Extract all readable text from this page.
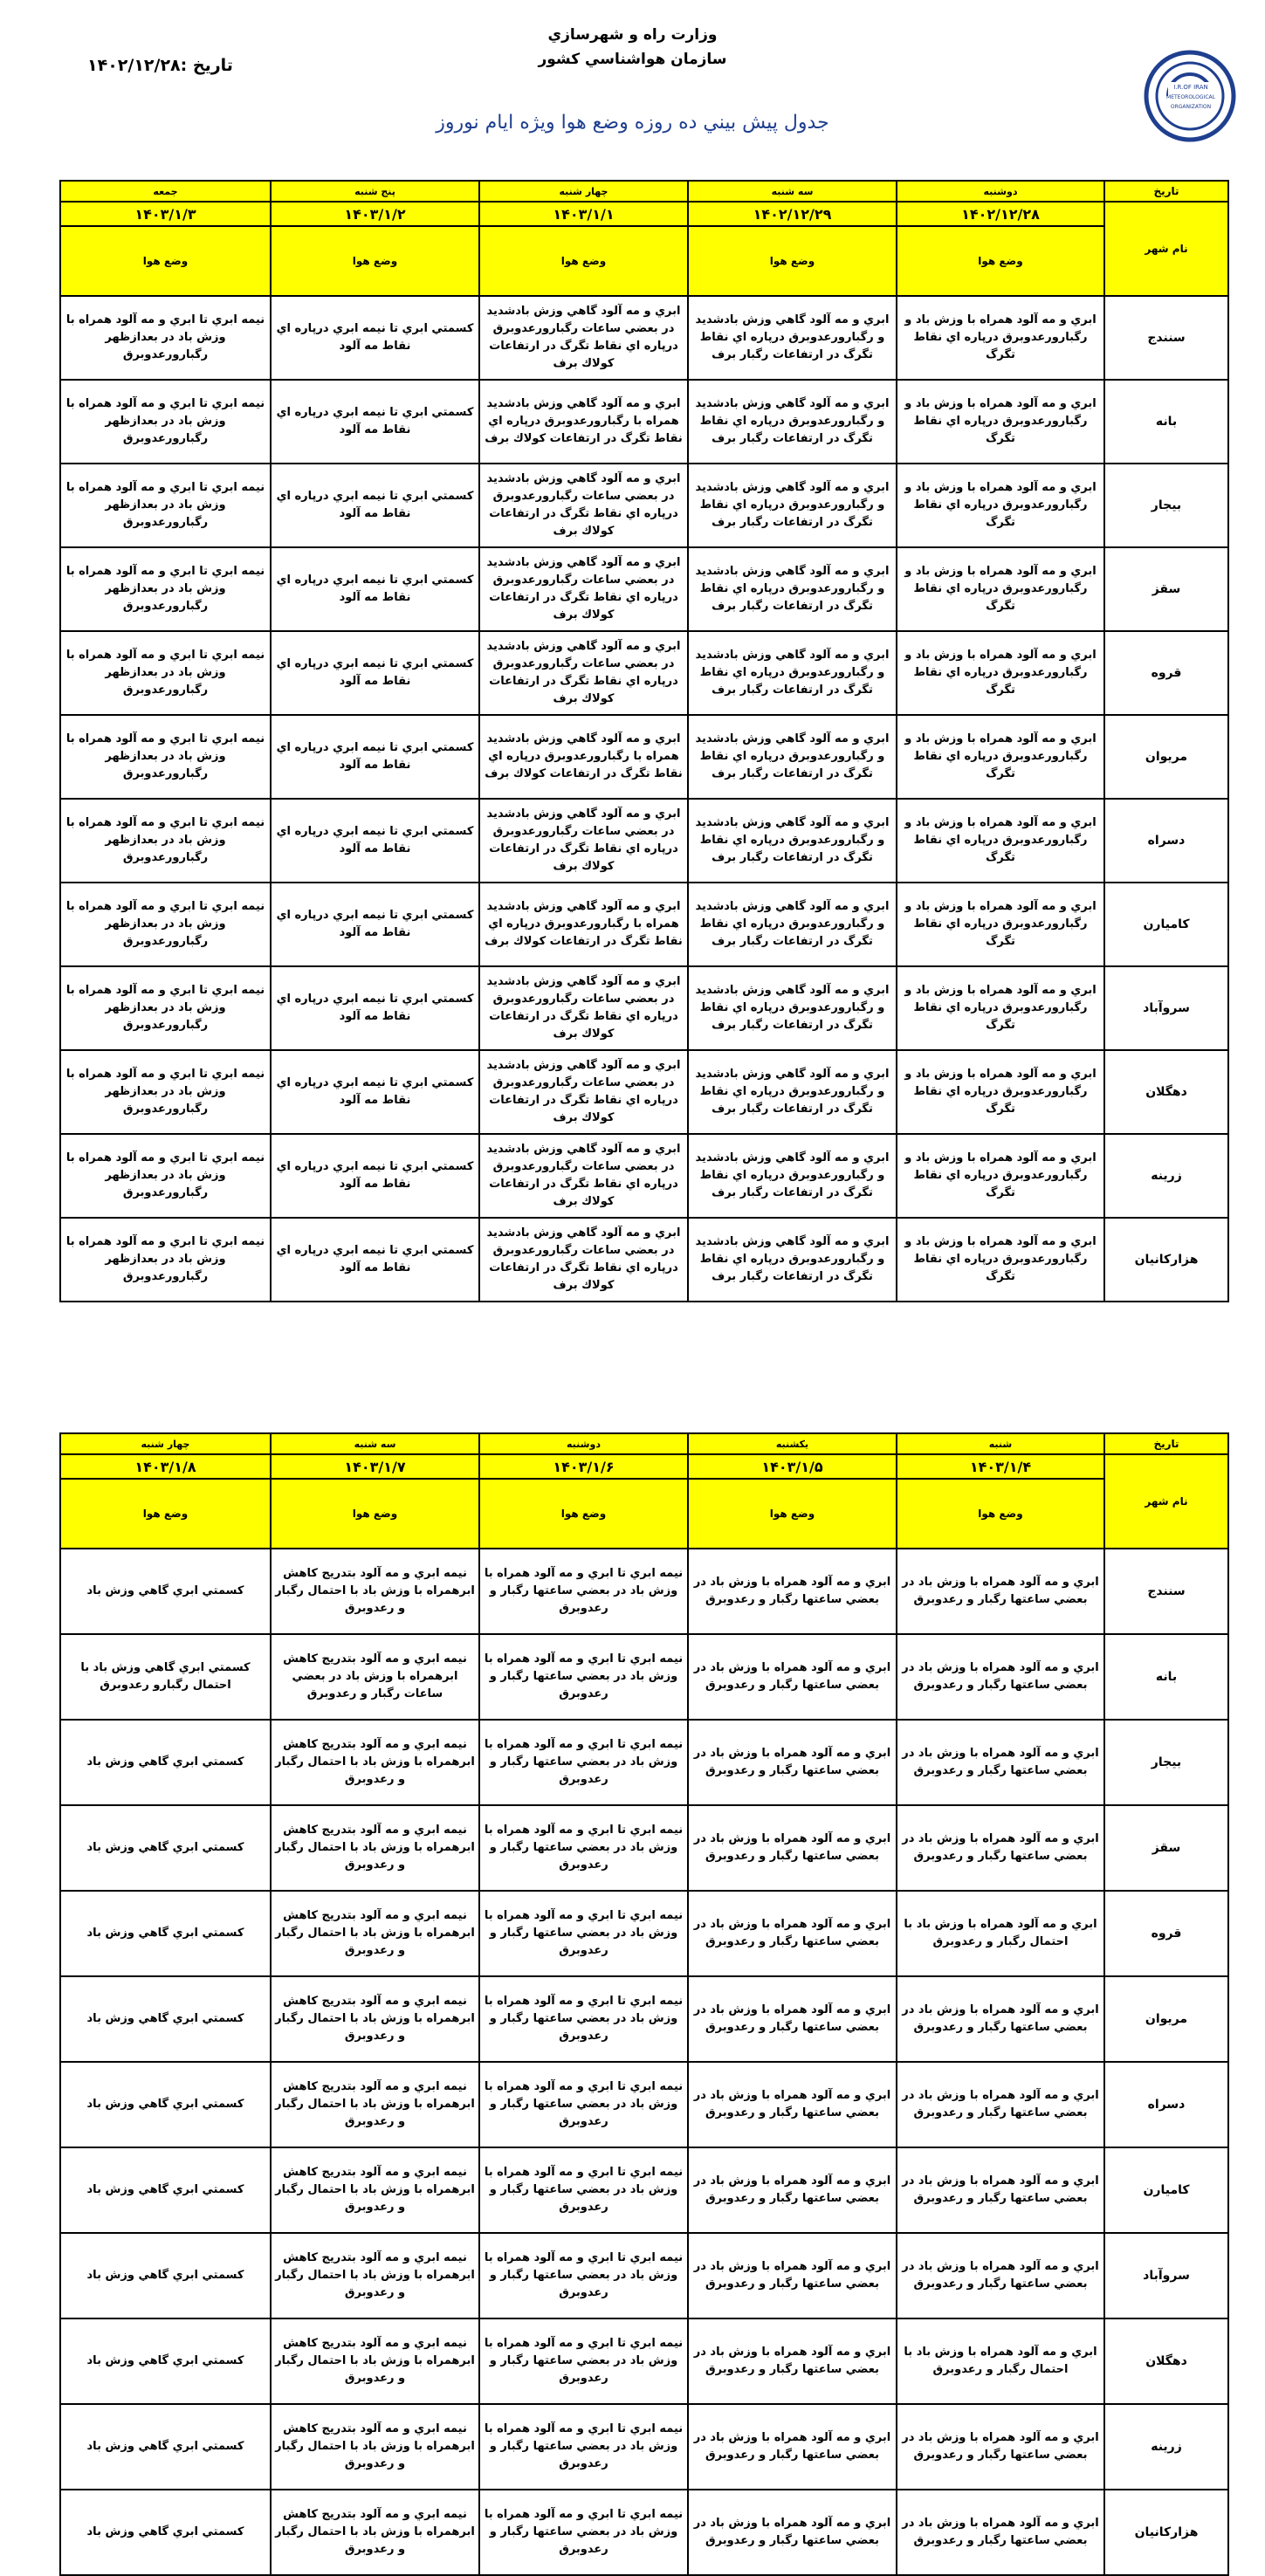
وزارت راه و شهرسازي
سازمان هواشناسي كشور
جدول پيش بيني ده روزه وضع هوا ويژه ايام نوروز
تاريخ :۱۴۰۲/۱۲/۲۸
I.R.OF IRAN
METEOROLOGICAL
ORGANIZATION
تاريخ	دوشنبه	سه شنبه	چهار شنبه	پنج شنبه	جمعه
نام شهر	۱۴۰۲/۱۲/۲۸	۱۴۰۲/۱۲/۲۹	۱۴۰۳/۱/۱	۱۴۰۳/۱/۲	۱۴۰۳/۱/۳
	وضع هوا	وضع هوا	وضع هوا	وضع هوا	وضع هوا
سنندج	ابري و مه آلود همراه با وزش باد و رگبارورعدوبرق درپاره اي نقاط تگرگ	ابري و مه آلود گاهي وزش بادشديد و رگبارورعدوبرق درپاره اي نقاط تگرگ در ارتفاعات رگبار برف	ابري و مه آلود گاهي وزش بادشديد در بعضي ساعات رگبارورعدوبرق درپاره اي نقاط تگرگ در ارتفاعات كولاك برف	كسمتي ابري تا نيمه ابري درپاره اي نقاط مه آلود	نيمه ابري تا ابري و مه آلود همراه با وزش باد در بعدازظهر رگبارورعدوبرق
بانه	ابري و مه آلود همراه با وزش باد و رگبارورعدوبرق درپاره اي نقاط تگرگ	ابري و مه آلود گاهي وزش بادشديد و رگبارورعدوبرق درپاره اي نقاط تگرگ در ارتفاعات رگبار برف	ابري و مه آلود گاهي وزش بادشديد همراه با رگبارورعدوبرق درپاره اي نقاط تگرگ در ارتفاعات كولاك برف	كسمتي ابري تا نيمه ابري درپاره اي نقاط مه آلود	نيمه ابري تا ابري و مه آلود همراه با وزش باد در بعدازظهر رگبارورعدوبرق
بيجار	ابري و مه آلود همراه با وزش باد و رگبارورعدوبرق درپاره اي نقاط تگرگ	ابري و مه آلود گاهي وزش بادشديد و رگبارورعدوبرق درپاره اي نقاط تگرگ در ارتفاعات رگبار برف	ابري و مه آلود گاهي وزش بادشديد در بعضي ساعات رگبارورعدوبرق درپاره اي نقاط تگرگ در ارتفاعات كولاك برف	كسمتي ابري تا نيمه ابري درپاره اي نقاط مه آلود	نيمه ابري تا ابري و مه آلود همراه با وزش باد در بعدازظهر رگبارورعدوبرق
سقز	ابري و مه آلود همراه با وزش باد و رگبارورعدوبرق درپاره اي نقاط تگرگ	ابري و مه آلود گاهي وزش بادشديد و رگبارورعدوبرق درپاره اي نقاط تگرگ در ارتفاعات رگبار برف	ابري و مه آلود گاهي وزش بادشديد در بعضي ساعات رگبارورعدوبرق درپاره اي نقاط تگرگ در ارتفاعات كولاك برف	كسمتي ابري تا نيمه ابري درپاره اي نقاط مه آلود	نيمه ابري تا ابري و مه آلود همراه با وزش باد در بعدازظهر رگبارورعدوبرق
قروه	ابري و مه آلود همراه با وزش باد و رگبارورعدوبرق درپاره اي نقاط تگرگ	ابري و مه آلود گاهي وزش بادشديد و رگبارورعدوبرق درپاره اي نقاط تگرگ در ارتفاعات رگبار برف	ابري و مه آلود گاهي وزش بادشديد در بعضي ساعات رگبارورعدوبرق درپاره اي نقاط تگرگ در ارتفاعات كولاك برف	كسمتي ابري تا نيمه ابري درپاره اي نقاط مه آلود	نيمه ابري تا ابري و مه آلود همراه با وزش باد در بعدازظهر رگبارورعدوبرق
مريوان	ابري و مه آلود همراه با وزش باد و رگبارورعدوبرق درپاره اي نقاط تگرگ	ابري و مه آلود گاهي وزش بادشديد و رگبارورعدوبرق درپاره اي نقاط تگرگ در ارتفاعات رگبار برف	ابري و مه آلود گاهي وزش بادشديد همراه با رگبارورعدوبرق درپاره اي نقاط تگرگ در ارتفاعات كولاك برف	كسمتي ابري تا نيمه ابري درپاره اي نقاط مه آلود	نيمه ابري تا ابري و مه آلود همراه با وزش باد در بعدازظهر رگبارورعدوبرق
دسراه	ابري و مه آلود همراه با وزش باد و رگبارورعدوبرق درپاره اي نقاط تگرگ	ابري و مه آلود گاهي وزش بادشديد و رگبارورعدوبرق درپاره اي نقاط تگرگ در ارتفاعات رگبار برف	ابري و مه آلود گاهي وزش بادشديد در بعضي ساعات رگبارورعدوبرق درپاره اي نقاط تگرگ در ارتفاعات كولاك برف	كسمتي ابري تا نيمه ابري درپاره اي نقاط مه آلود	نيمه ابري تا ابري و مه آلود همراه با وزش باد در بعدازظهر رگبارورعدوبرق
كاميارن	ابري و مه آلود همراه با وزش باد و رگبارورعدوبرق درپاره اي نقاط تگرگ	ابري و مه آلود گاهي وزش بادشديد و رگبارورعدوبرق درپاره اي نقاط تگرگ در ارتفاعات رگبار برف	ابري و مه آلود گاهي وزش بادشديد همراه با رگبارورعدوبرق درپاره اي نقاط تگرگ در ارتفاعات كولاك برف	كسمتي ابري تا نيمه ابري درپاره اي نقاط مه آلود	نيمه ابري تا ابري و مه آلود همراه با وزش باد در بعدازظهر رگبارورعدوبرق
سروآباد	ابري و مه آلود همراه با وزش باد و رگبارورعدوبرق درپاره اي نقاط تگرگ	ابري و مه آلود گاهي وزش بادشديد و رگبارورعدوبرق درپاره اي نقاط تگرگ در ارتفاعات رگبار برف	ابري و مه آلود گاهي وزش بادشديد در بعضي ساعات رگبارورعدوبرق درپاره اي نقاط تگرگ در ارتفاعات كولاك برف	كسمتي ابري تا نيمه ابري درپاره اي نقاط مه آلود	نيمه ابري تا ابري و مه آلود همراه با وزش باد در بعدازظهر رگبارورعدوبرق
دهگلان	ابري و مه آلود همراه با وزش باد و رگبارورعدوبرق درپاره اي نقاط تگرگ	ابري و مه آلود گاهي وزش بادشديد و رگبارورعدوبرق درپاره اي نقاط تگرگ در ارتفاعات رگبار برف	ابري و مه آلود گاهي وزش بادشديد در بعضي ساعات رگبارورعدوبرق درپاره اي نقاط تگرگ در ارتفاعات كولاك برف	كسمتي ابري تا نيمه ابري درپاره اي نقاط مه آلود	نيمه ابري تا ابري و مه آلود همراه با وزش باد در بعدازظهر رگبارورعدوبرق
زرينه	ابري و مه آلود همراه با وزش باد و رگبارورعدوبرق درپاره اي نقاط تگرگ	ابري و مه آلود گاهي وزش بادشديد و رگبارورعدوبرق درپاره اي نقاط تگرگ در ارتفاعات رگبار برف	ابري و مه آلود گاهي وزش بادشديد در بعضي ساعات رگبارورعدوبرق درپاره اي نقاط تگرگ در ارتفاعات كولاك برف	كسمتي ابري تا نيمه ابري درپاره اي نقاط مه آلود	نيمه ابري تا ابري و مه آلود همراه با وزش باد در بعدازظهر رگبارورعدوبرق
هزاركانيان	ابري و مه آلود همراه با وزش باد و رگبارورعدوبرق درپاره اي نقاط تگرگ	ابري و مه آلود گاهي وزش بادشديد و رگبارورعدوبرق درپاره اي نقاط تگرگ در ارتفاعات رگبار برف	ابري و مه آلود گاهي وزش بادشديد در بعضي ساعات رگبارورعدوبرق درپاره اي نقاط تگرگ در ارتفاعات كولاك برف	كسمتي ابري تا نيمه ابري درپاره اي نقاط مه آلود	نيمه ابري تا ابري و مه آلود همراه با وزش باد در بعدازظهر رگبارورعدوبرق
تاريخ	شنبه	يكشنبه	دوشنبه	سه شنبه	چهار شنبه
نام شهر	۱۴۰۳/۱/۴	۱۴۰۳/۱/۵	۱۴۰۳/۱/۶	۱۴۰۳/۱/۷	۱۴۰۳/۱/۸
	وضع هوا	وضع هوا	وضع هوا	وضع هوا	وضع هوا
سنندج	ابري و مه آلود همراه با وزش باد در بعضي ساعتها رگبار و رعدوبرق	ابري و مه آلود همراه با وزش باد در بعضي ساعتها رگبار و رعدوبرق	نيمه ابري تا ابري و مه آلود همراه با وزش باد در بعضي ساعتها رگبار و رعدوبرق	نيمه ابري و مه آلود بتدريج كاهش ابرهمراه با وزش باد با احتمال رگبار و رعدوبرق	كسمتي ابري گاهي وزش باد
بانه	ابري و مه آلود همراه با وزش باد در بعضي ساعتها رگبار و رعدوبرق	ابري و مه آلود همراه با وزش باد در بعضي ساعتها رگبار و رعدوبرق	نيمه ابري تا ابري و مه آلود همراه با وزش باد در بعضي ساعتها رگبار و رعدوبرق	نيمه ابري و مه آلود بتدريج كاهش ابرهمراه با وزش باد در بعضي ساعات رگبار و رعدوبرق	كسمتي ابري گاهي وزش باد با احتمال رگبارو رعدوبرق
بيجار	ابري و مه آلود همراه با وزش باد در بعضي ساعتها رگبار و رعدوبرق	ابري و مه آلود همراه با وزش باد در بعضي ساعتها رگبار و رعدوبرق	نيمه ابري تا ابري و مه آلود همراه با وزش باد در بعضي ساعتها رگبار و رعدوبرق	نيمه ابري و مه آلود بتدريج كاهش ابرهمراه با وزش باد با احتمال رگبار و رعدوبرق	كسمتي ابري گاهي وزش باد
سقز	ابري و مه آلود همراه با وزش باد در بعضي ساعتها رگبار و رعدوبرق	ابري و مه آلود همراه با وزش باد در بعضي ساعتها رگبار و رعدوبرق	نيمه ابري تا ابري و مه آلود همراه با وزش باد در بعضي ساعتها رگبار و رعدوبرق	نيمه ابري و مه آلود بتدريج كاهش ابرهمراه با وزش باد با احتمال رگبار و رعدوبرق	كسمتي ابري گاهي وزش باد
قروه	ابري و مه آلود همراه با وزش باد با احتمال رگبار و رعدوبرق	ابري و مه آلود همراه با وزش باد در بعضي ساعتها رگبار و رعدوبرق	نيمه ابري تا ابري و مه آلود همراه با وزش باد در بعضي ساعتها رگبار و رعدوبرق	نيمه ابري و مه آلود بتدريج كاهش ابرهمراه با وزش باد با احتمال رگبار و رعدوبرق	كسمتي ابري گاهي وزش باد
مريوان	ابري و مه آلود همراه با وزش باد در بعضي ساعتها رگبار و رعدوبرق	ابري و مه آلود همراه با وزش باد در بعضي ساعتها رگبار و رعدوبرق	نيمه ابري تا ابري و مه آلود همراه با وزش باد در بعضي ساعتها رگبار و رعدوبرق	نيمه ابري و مه آلود بتدريج كاهش ابرهمراه با وزش باد با احتمال رگبار و رعدوبرق	كسمتي ابري گاهي وزش باد
دسراه	ابري و مه آلود همراه با وزش باد در بعضي ساعتها رگبار و رعدوبرق	ابري و مه آلود همراه با وزش باد در بعضي ساعتها رگبار و رعدوبرق	نيمه ابري تا ابري و مه آلود همراه با وزش باد در بعضي ساعتها رگبار و رعدوبرق	نيمه ابري و مه آلود بتدريج كاهش ابرهمراه با وزش باد با احتمال رگبار و رعدوبرق	كسمتي ابري گاهي وزش باد
كاميارن	ابري و مه آلود همراه با وزش باد در بعضي ساعتها رگبار و رعدوبرق	ابري و مه آلود همراه با وزش باد در بعضي ساعتها رگبار و رعدوبرق	نيمه ابري تا ابري و مه آلود همراه با وزش باد در بعضي ساعتها رگبار و رعدوبرق	نيمه ابري و مه آلود بتدريج كاهش ابرهمراه با وزش باد با احتمال رگبار و رعدوبرق	كسمتي ابري گاهي وزش باد
سروآباد	ابري و مه آلود همراه با وزش باد در بعضي ساعتها رگبار و رعدوبرق	ابري و مه آلود همراه با وزش باد در بعضي ساعتها رگبار و رعدوبرق	نيمه ابري تا ابري و مه آلود همراه با وزش باد در بعضي ساعتها رگبار و رعدوبرق	نيمه ابري و مه آلود بتدريج كاهش ابرهمراه با وزش باد با احتمال رگبار و رعدوبرق	كسمتي ابري گاهي وزش باد
دهگلان	ابري و مه آلود همراه با وزش باد با احتمال رگبار و رعدوبرق	ابري و مه آلود همراه با وزش باد در بعضي ساعتها رگبار و رعدوبرق	نيمه ابري تا ابري و مه آلود همراه با وزش باد در بعضي ساعتها رگبار و رعدوبرق	نيمه ابري و مه آلود بتدريج كاهش ابرهمراه با وزش باد با احتمال رگبار و رعدوبرق	كسمتي ابري گاهي وزش باد
زرينه	ابري و مه آلود همراه با وزش باد در بعضي ساعتها رگبار و رعدوبرق	ابري و مه آلود همراه با وزش باد در بعضي ساعتها رگبار و رعدوبرق	نيمه ابري تا ابري و مه آلود همراه با وزش باد در بعضي ساعتها رگبار و رعدوبرق	نيمه ابري و مه آلود بتدريج كاهش ابرهمراه با وزش باد با احتمال رگبار و رعدوبرق	كسمتي ابري گاهي وزش باد
هزاركانيان	ابري و مه آلود همراه با وزش باد در بعضي ساعتها رگبار و رعدوبرق	ابري و مه آلود همراه با وزش باد در بعضي ساعتها رگبار و رعدوبرق	نيمه ابري تا ابري و مه آلود همراه با وزش باد در بعضي ساعتها رگبار و رعدوبرق	نيمه ابري و مه آلود بتدريج كاهش ابرهمراه با وزش باد با احتمال رگبار و رعدوبرق	كسمتي ابري گاهي وزش باد
